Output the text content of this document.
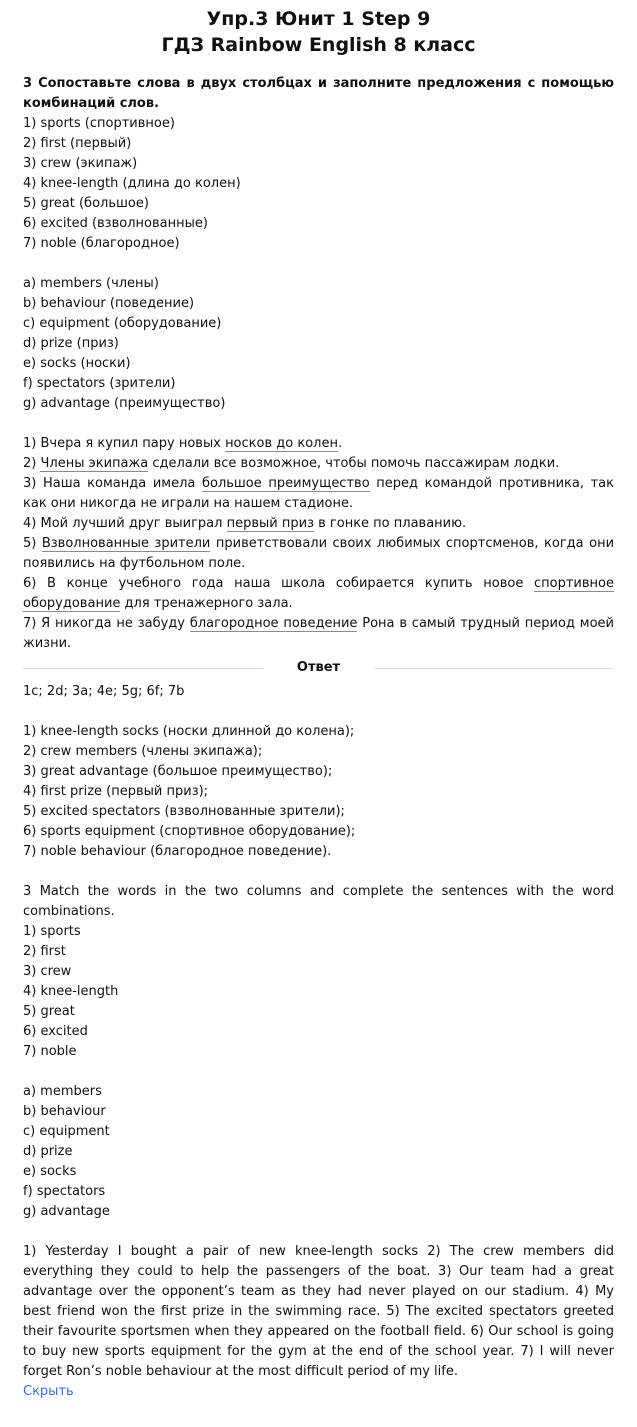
Упр.3 Юнит 1 Step 9

ГДЗ Rainbow English 8 класс

3 Сопоставьте слова в двух столбцах и заполните предложения с помощью комбинаций слов.

1) sports (спортивное)

2) first (первый)

3) crew (экипаж)

4) knee-length (длина до колен)

5) great (большое)

6) excited (взволнованные)

7) noble (благородное)

a) members (члены)

b) behaviour (поведение)

c) equipment (оборудование)

d) prize (приз)

e) socks (носки)

f) spectators (зрители)

g) advantage (преимущество)

1) Вчера я купил пару новых носков до колен.

2) Члены экипажа сделали все возможное, чтобы помочь пассажирам лодки.

3) Наша команда имела большое преимущество перед командой противника, так как они никогда не играли на нашем стадионе.

4) Мой лучший друг выиграл первый приз в гонке по плаванию.

5) Взволнованные зрители приветствовали своих любимых спортсменов, когда они появились на футбольном поле.

6) В конце учебного года наша школа собирается купить новое спортивное оборудование для тренажерного зала.

7) Я никогда не забуду благородное поведение Рона в самый трудный период моей жизни.

Ответ

1c; 2d; 3a; 4e; 5g; 6f; 7b

1) knee-length socks (носки длинной до колена);

2) crew members (члены экипажа);

3) great advantage (большое преимущество);

4) first prize (первый приз);

5) excited spectators (взволнованные зрители);

6) sports equipment (спортивное оборудование);

7) noble behaviour (благородное поведение).

3 Match the words in the two columns and complete the sentences with the word combinations.

1) sports

2) first

3) crew

4) knee-length

5) great

6) excited

7) noble

a) members

b) behaviour

c) equipment

d) prize

e) socks

f) spectators

g) advantage

1) Yesterday I bought a pair of new knee-length socks 2) The crew members did everything they could to help the passengers of the boat. 3) Our team had a great advantage over the opponent’s team as they had never played on our stadium. 4) My best friend won the first prize in the swimming race. 5) The excited spectators greeted their favourite sportsmen when they appeared on the football field. 6) Our school is going to buy new sports equipment for the gym at the end of the school year. 7) I will never forget Ron’s noble behaviour at the most difficult period of my life.

Скрыть
